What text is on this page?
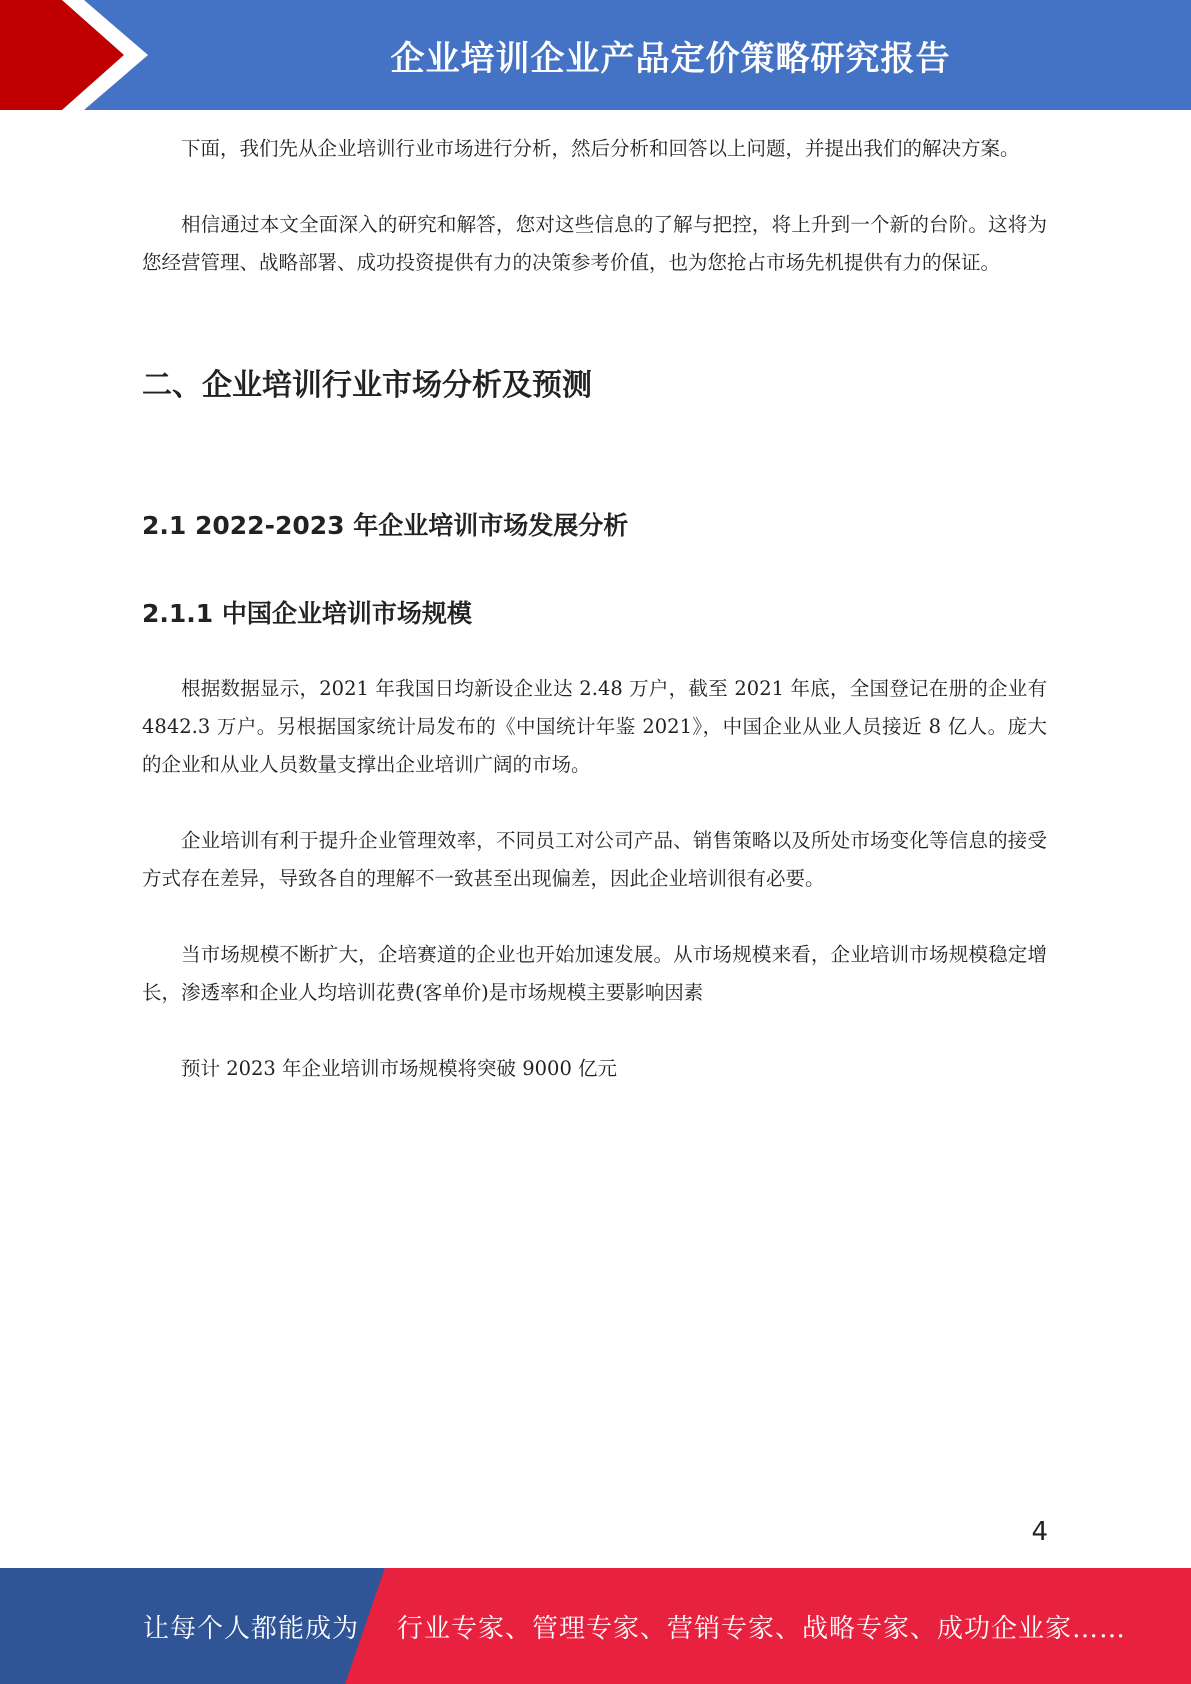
企业培训企业产品定价策略研究报告

下面，我们先从企业培训行业市场进行分析，然后分析和回答以上问题，并提出我们的解决方案。

相信通过本文全面深入的研究和解答，您对这些信息的了解与把控，将上升到一个新的台阶。这将为您经营管理、战略部署、成功投资提供有力的决策参考价值，也为您抢占市场先机提供有力的保证。

二、企业培训行业市场分析及预测
2.1 2022-2023 年企业培训市场发展分析
2.1.1 中国企业培训市场规模

根据数据显示，2021 年我国日均新设企业达 2.48 万户，截至 2021 年底，全国登记在册的企业有 4842.3 万户。另根据国家统计局发布的《中国统计年鉴 2021》，中国企业从业人员接近 8 亿人。庞大的企业和从业人员数量支撑出企业培训广阔的市场。

企业培训有利于提升企业管理效率，不同员工对公司产品、销售策略以及所处市场变化等信息的接受方式存在差异，导致各自的理解不一致甚至出现偏差，因此企业培训很有必要。

当市场规模不断扩大，企培赛道的企业也开始加速发展。从市场规模来看，企业培训市场规模稳定增长，渗透率和企业人均培训花费(客单价)是市场规模主要影响因素

预计 2023 年企业培训市场规模将突破 9000 亿元

4
让每个人都能成为 行业专家、管理专家、营销专家、战略专家、成功企业家……
